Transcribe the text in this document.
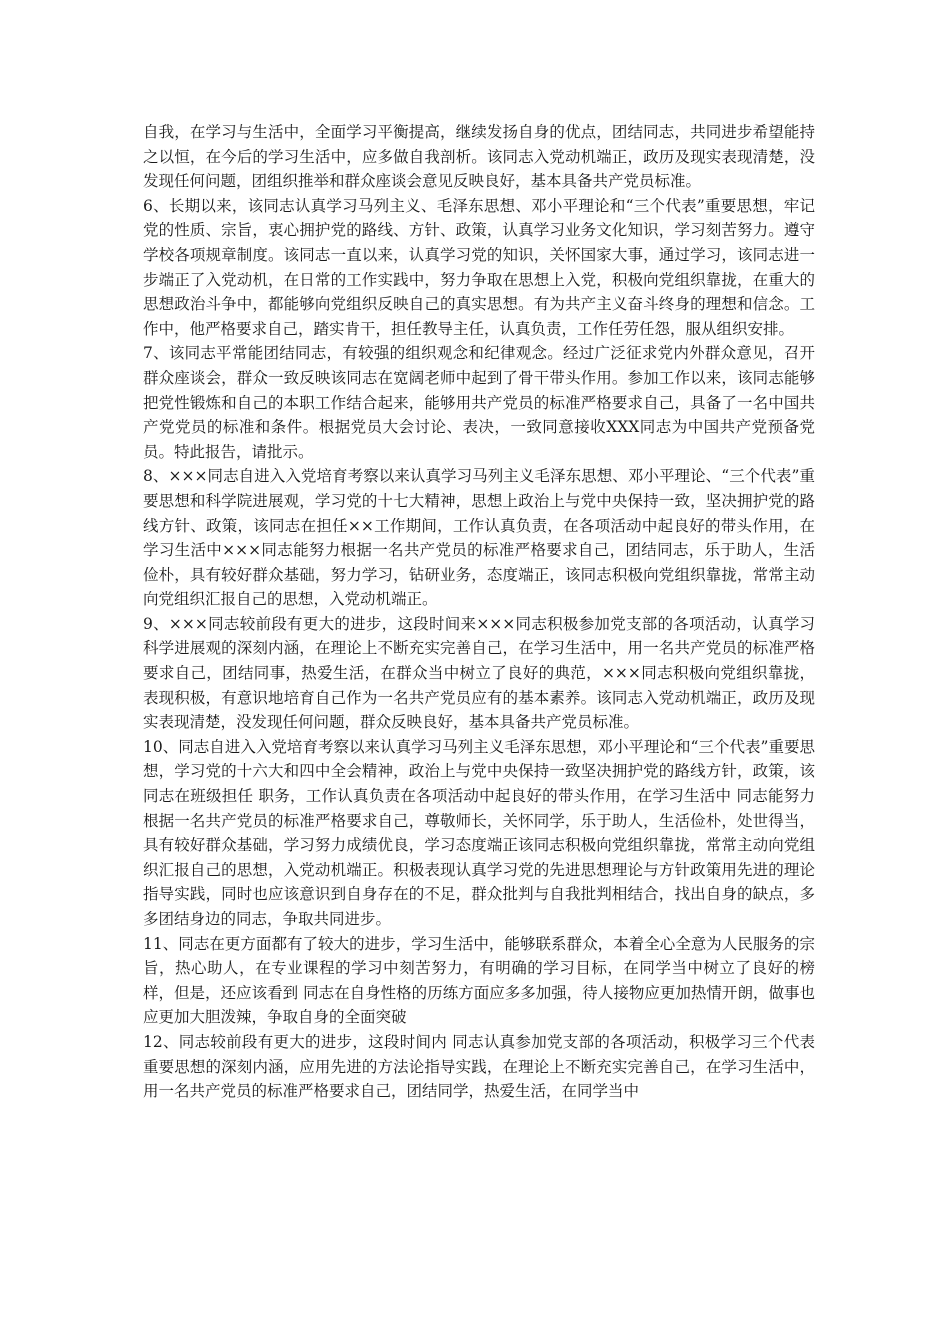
自我，在学习与生活中，全面学习平衡提高，继续发扬自身的优点，团结同志，共同进步希望能持之以恒，在今后的学习生活中，应多做自我剖析。该同志入党动机端正，政历及现实表现清楚，没发现任何问题，团组织推举和群众座谈会意见反映良好，基本具备共产党员标准。

6、长期以来，该同志认真学习马列主义、毛泽东思想、邓小平理论和“三个代表”重要思想，牢记党的性质、宗旨，衷心拥护党的路线、方针、政策，认真学习业务文化知识，学习刻苦努力。遵守学校各项规章制度。该同志一直以来，认真学习党的知识，关怀国家大事，通过学习，该同志进一步端正了入党动机，在日常的工作实践中，努力争取在思想上入党，积极向党组织靠拢，在重大的思想政治斗争中，都能够向党组织反映自己的真实思想。有为共产主义奋斗终身的理想和信念。工作中，他严格要求自己，踏实肯干，担任教导主任，认真负责，工作任劳任怨，服从组织安排。

7、该同志平常能团结同志，有较强的组织观念和纪律观念。经过广泛征求党内外群众意见，召开群众座谈会，群众一致反映该同志在宽阔老师中起到了骨干带头作用。参加工作以来，该同志能够把党性锻炼和自己的本职工作结合起来，能够用共产党员的标准严格要求自己，具备了一名中国共产党党员的标准和条件。根据党员大会讨论、表决，一致同意接收XXX同志为中国共产党预备党员。特此报告，请批示。

8、×××同志自进入入党培育考察以来认真学习马列主义毛泽东思想、邓小平理论、“三个代表”重要思想和科学院进展观，学习党的十七大精神，思想上政治上与党中央保持一致，坚决拥护党的路线方针、政策，该同志在担任××工作期间，工作认真负责，在各项活动中起良好的带头作用，在学习生活中×××同志能努力根据一名共产党员的标准严格要求自己，团结同志，乐于助人，生活俭朴，具有较好群众基础，努力学习，钻研业务，态度端正，该同志积极向党组织靠拢，常常主动向党组织汇报自己的思想，入党动机端正。

9、×××同志较前段有更大的进步，这段时间来×××同志积极参加党支部的各项活动，认真学习科学进展观的深刻内涵，在理论上不断充实完善自己，在学习生活中，用一名共产党员的标准严格要求自己，团结同事，热爱生活，在群众当中树立了良好的典范，×××同志积极向党组织靠拢，表现积极，有意识地培育自己作为一名共产党员应有的基本素养。该同志入党动机端正，政历及现实表现清楚，没发现任何问题，群众反映良好，基本具备共产党员标准。

10、同志自进入入党培育考察以来认真学习马列主义毛泽东思想，邓小平理论和“三个代表”重要思想，学习党的十六大和四中全会精神，政治上与党中央保持一致坚决拥护党的路线方针，政策，该同志在班级担任 职务，工作认真负责在各项活动中起良好的带头作用，在学习生活中 同志能努力根据一名共产党员的标准严格要求自己，尊敬师长，关怀同学，乐于助人，生活俭朴，处世得当，具有较好群众基础，学习努力成绩优良，学习态度端正该同志积极向党组织靠拢，常常主动向党组织汇报自己的思想，入党动机端正。积极表现认真学习党的先进思想理论与方针政策用先进的理论指导实践，同时也应该意识到自身存在的不足，群众批判与自我批判相结合，找出自身的缺点，多多团结身边的同志，争取共同进步。

11、同志在更方面都有了较大的进步，学习生活中，能够联系群众，本着全心全意为人民服务的宗旨，热心助人，在专业课程的学习中刻苦努力，有明确的学习目标，在同学当中树立了良好的榜样，但是，还应该看到 同志在自身性格的历练方面应多多加强，待人接物应更加热情开朗，做事也应更加大胆泼辣，争取自身的全面突破

12、同志较前段有更大的进步，这段时间内 同志认真参加党支部的各项活动，积极学习三个代表重要思想的深刻内涵，应用先进的方法论指导实践，在理论上不断充实完善自己，在学习生活中，用一名共产党员的标准严格要求自己，团结同学，热爱生活，在同学当中
